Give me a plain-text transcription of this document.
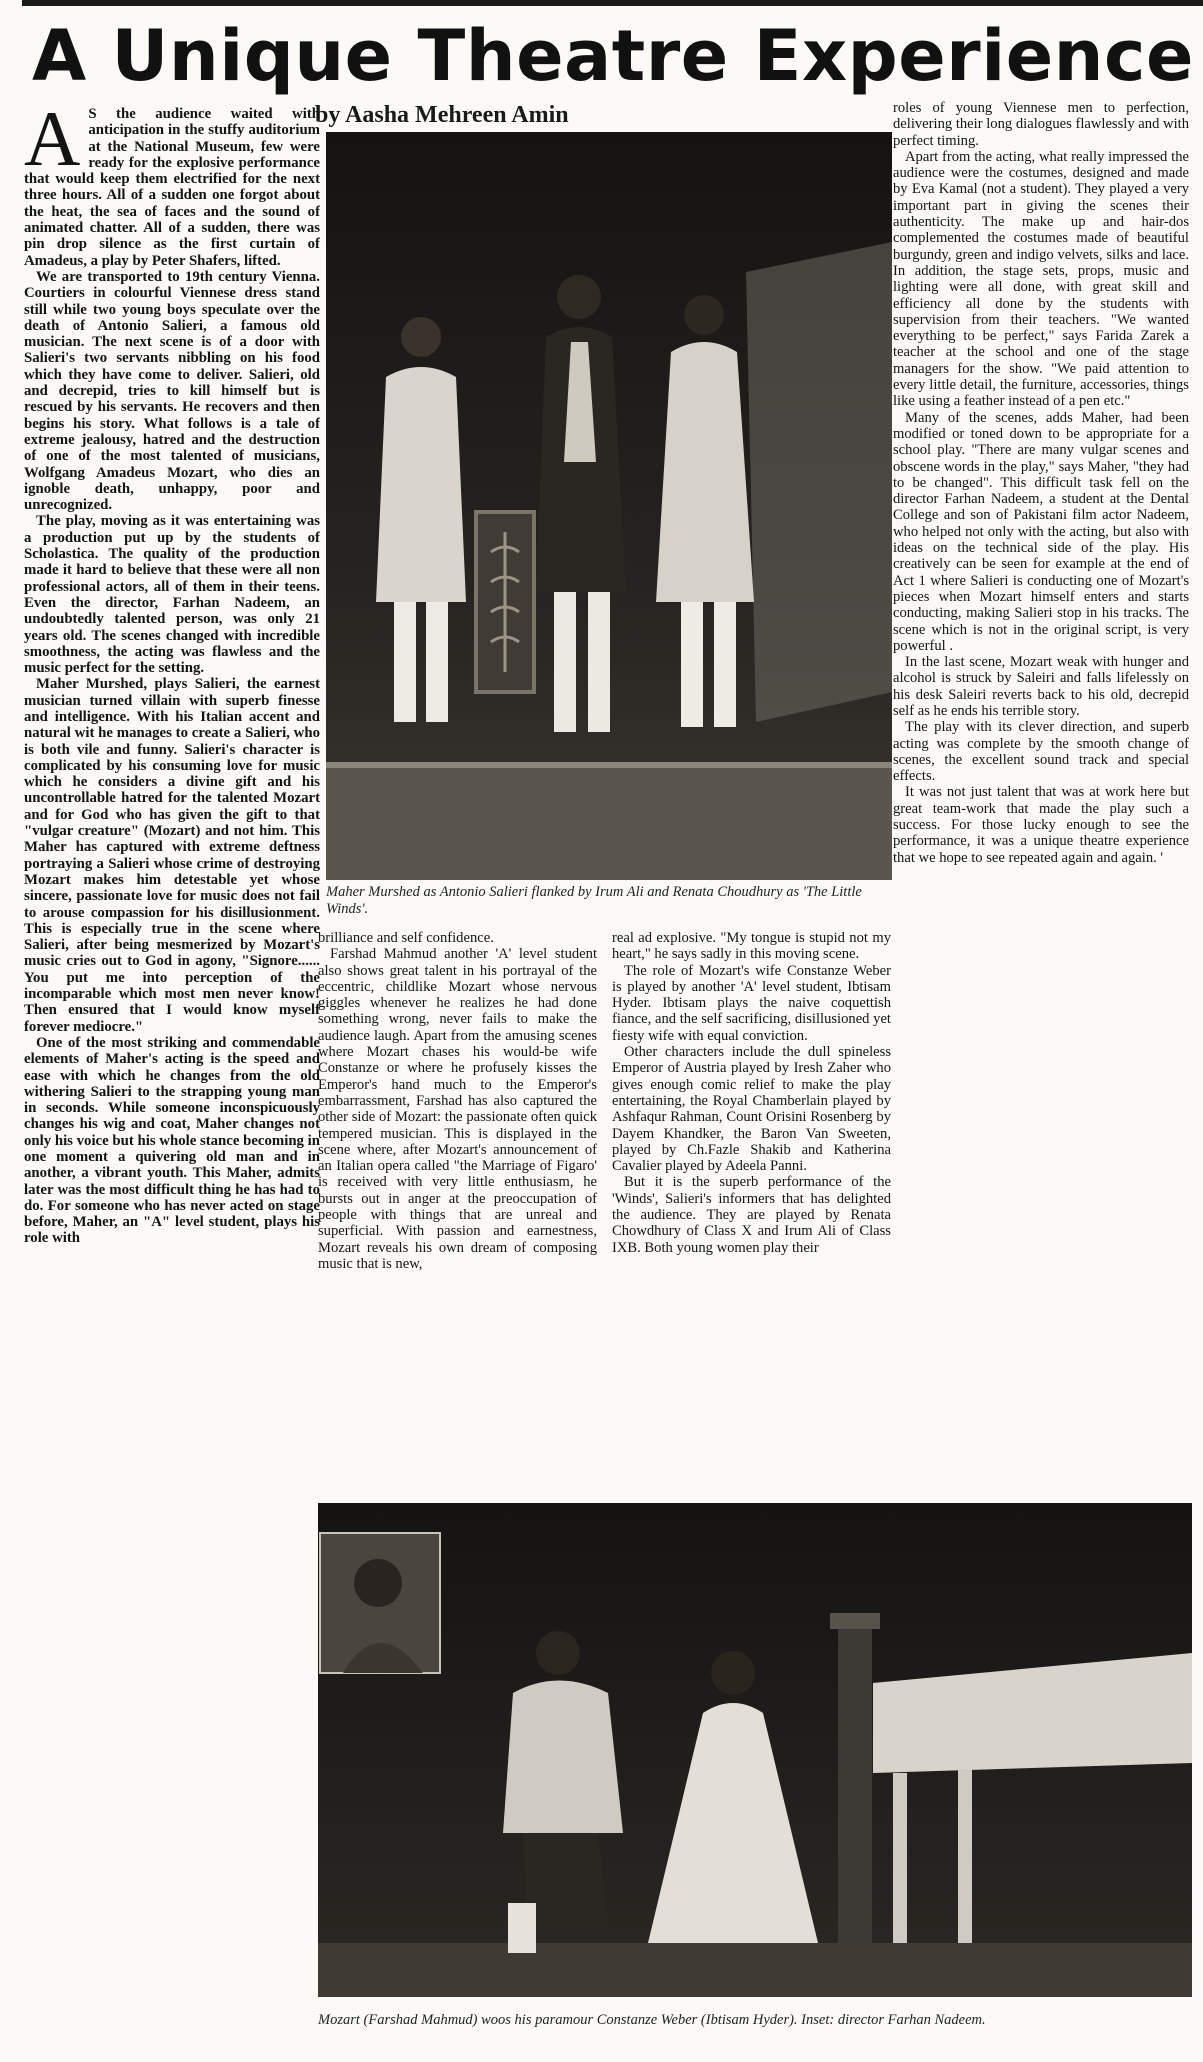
A Unique Theatre Experience
by Aasha Mehreen Amin

A S the audience waited with anticipation in the stuffy auditorium at the National Museum, few were ready for the explosive performance that would keep them electrified for the next three hours. All of a sudden one forgot about the heat, the sea of faces and the sound of animated chatter. All of a sudden, there was pin drop silence as the first curtain of Amadeus, a play by Peter Shafers, lifted.

We are transported to 19th century Vienna. Courtiers in colourful Viennese dress stand still while two young boys speculate over the death of Antonio Salieri, a famous old musician. The next scene is of a door with Salieri's two servants nibbling on his food which they have come to deliver. Salieri, old and decrepid, tries to kill himself but is rescued by his servants. He recovers and then begins his story. What follows is a tale of extreme jealousy, hatred and the destruction of one of the most talented of musicians, Wolfgang Amadeus Mozart, who dies an ignoble death, unhappy, poor and unrecognized.

The play, moving as it was entertaining was a production put up by the students of Scholastica. The quality of the production made it hard to believe that these were all non professional actors, all of them in their teens. Even the director, Farhan Nadeem, an undoubtedly talented person, was only 21 years old. The scenes changed with incredible smoothness, the acting was flawless and the music perfect for the setting.

Maher Murshed, plays Salieri, the earnest musician turned villain with superb finesse and intelligence. With his Italian accent and natural wit he manages to create a Salieri, who is both vile and funny. Salieri's character is complicated by his consuming love for music which he considers a divine gift and his uncontrollable hatred for the talented Mozart and for God who has given the gift to that "vulgar creature" (Mozart) and not him. This Maher has captured with extreme deftness portraying a Salieri whose crime of destroying Mozart makes him detestable yet whose sincere, passionate love for music does not fail to arouse compassion for his disillusionment. This is especially true in the scene where Salieri, after being mesmerized by Mozart's music cries out to God in agony, "Signore...... You put me into perception of the incomparable which most men never know! Then ensured that I would know myself forever mediocre."

One of the most striking and commendable elements of Maher's acting is the speed and ease with which he changes from the old withering Salieri to the strapping young man in seconds. While someone inconspicuously changes his wig and coat, Maher changes not only his voice but his whole stance becoming in one moment a quivering old man and in another, a vibrant youth. This Maher, admits later was the most difficult thing he has had to do. For someone who has never acted on stage before, Maher, an "A" level student, plays his role with

Maher Murshed as Antonio Salieri flanked by Irum Ali and Renata Choudhury as 'The Little Winds'.

brilliance and self confidence.

Farshad Mahmud another 'A' level student also shows great talent in his portrayal of the eccentric, childlike Mozart whose nervous giggles whenever he realizes he had done something wrong, never fails to make the audience laugh. Apart from the amusing scenes where Mozart chases his would-be wife Constanze or where he profusely kisses the Emperor's hand much to the Emperor's embarrassment, Farshad has also captured the other side of Mozart: the passionate often quick tempered musician. This is displayed in the scene where, after Mozart's announcement of an Italian opera called "the Marriage of Figaro' is received with very little enthusiasm, he bursts out in anger at the preoccupation of people with things that are unreal and superficial. With passion and earnestness, Mozart reveals his own dream of composing music that is new,

real ad explosive. "My tongue is stupid not my heart," he says sadly in this moving scene.

The role of Mozart's wife Constanze Weber is played by another 'A' level student, Ibtisam Hyder. Ibtisam plays the naive coquettish fiance, and the self sacrificing, disillusioned yet fiesty wife with equal conviction.

Other characters include the dull spineless Emperor of Austria played by Iresh Zaher who gives enough comic relief to make the play entertaining, the Royal Chamberlain played by Ashfaqur Rahman, Count Orisini Rosenberg by Dayem Khandker, the Baron Van Sweeten, played by Ch.Fazle Shakib and Katherina Cavalier played by Adeela Panni.

But it is the superb performance of the 'Winds', Salieri's informers that has delighted the audience. They are played by Renata Chowdhury of Class X and Irum Ali of Class IXB. Both young women play their

roles of young Viennese men to perfection, delivering their long dialogues flawlessly and with perfect timing.

Apart from the acting, what really impressed the audience were the costumes, designed and made by Eva Kamal (not a student). They played a very important part in giving the scenes their authenticity. The make up and hair-dos complemented the costumes made of beautiful burgundy, green and indigo velvets, silks and lace. In addition, the stage sets, props, music and lighting were all done, with great skill and efficiency all done by the students with supervision from their teachers. "We wanted everything to be perfect," says Farida Zarek a teacher at the school and one of the stage managers for the show. "We paid attention to every little detail, the furniture, accessories, things like using a feather instead of a pen etc."

Many of the scenes, adds Maher, had been modified or toned down to be appropriate for a school play. "There are many vulgar scenes and obscene words in the play," says Maher, "they had to be changed". This difficult task fell on the director Farhan Nadeem, a student at the Dental College and son of Pakistani film actor Nadeem, who helped not only with the acting, but also with ideas on the technical side of the play. His creatively can be seen for example at the end of Act 1 where Salieri is conducting one of Mozart's pieces when Mozart himself enters and starts conducting, making Salieri stop in his tracks. The scene which is not in the original script, is very powerful .

In the last scene, Mozart weak with hunger and alcohol is struck by Saleiri and falls lifelessly on his desk Saleiri reverts back to his old, decrepid self as he ends his terrible story.

The play with its clever direction, and superb acting was complete by the smooth change of scenes, the excellent sound track and special effects.

It was not just talent that was at work here but great team-work that made the play such a success. For those lucky enough to see the performance, it was a unique theatre experience that we hope to see repeated again and again. '

Mozart (Farshad Mahmud) woos his paramour Constanze Weber (Ibtisam Hyder). Inset: director Farhan Nadeem.
